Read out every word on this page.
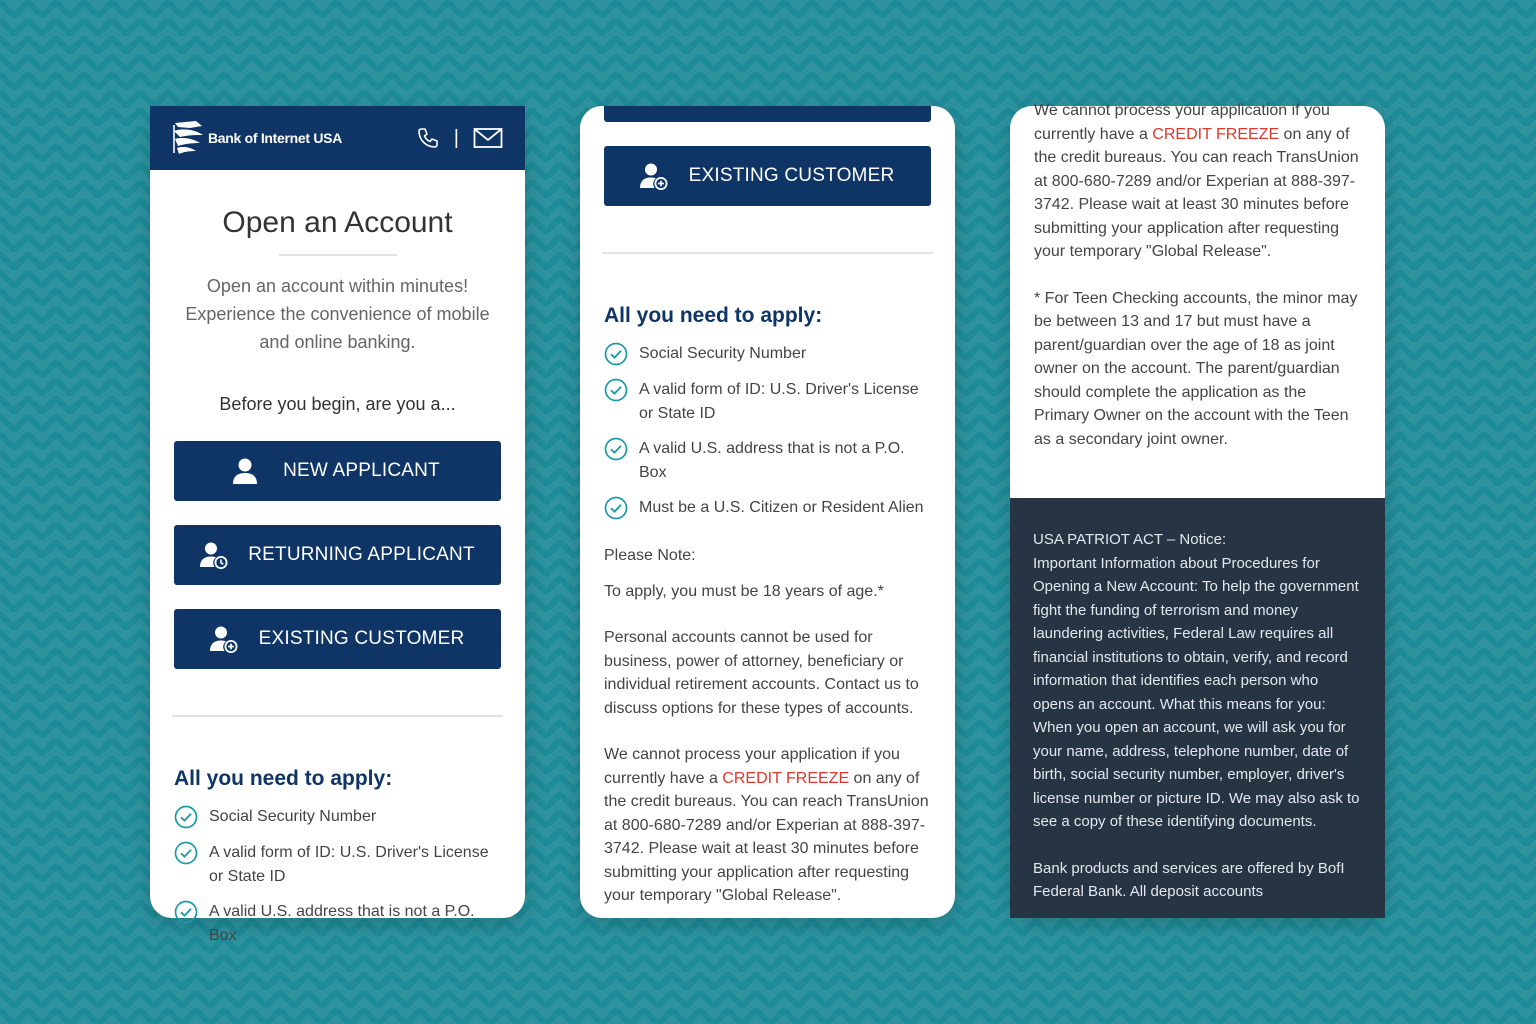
Bank of Internet USA	|
Open an Account

Open an account within minutes! Experience the convenience of mobile and online banking.

Before you begin, are you a...

NEW APPLICANT
RETURNING APPLICANT
EXISTING CUSTOMER
All you need to apply:
Social Security Number
A valid form of ID: U.S. Driver's License or State ID
A valid U.S. address that is not a P.O. Box
EXISTING CUSTOMER
All you need to apply:
Social Security Number
A valid form of ID: U.S. Driver's License or State ID
A valid U.S. address that is not a P.O. Box
Must be a U.S. Citizen or Resident Alien

Please Note:

To apply, you must be 18 years of age.*

Personal accounts cannot be used for business, power of attorney, beneficiary or individual retirement accounts. Contact us to discuss options for these types of accounts.

We cannot process your application if you currently have a CREDIT FREEZE on any of the credit bureaus. You can reach TransUnion at 800-680-7289 and/or Experian at 888-397-3742. Please wait at least 30 minutes before submitting your application after requesting your temporary "Global Release".

We cannot process your application if you currently have a CREDIT FREEZE on any of the credit bureaus. You can reach TransUnion at 800-680-7289 and/or Experian at 888-397-3742. Please wait at least 30 minutes before submitting your application after requesting your temporary "Global Release".

* For Teen Checking accounts, the minor may be between 13 and 17 but must have a parent/guardian over the age of 18 as joint owner on the account. The parent/guardian should complete the application as the Primary Owner on the account with the Teen as a secondary joint owner.

USA PATRIOT ACT – Notice:

Important Information about Procedures for Opening a New Account: To help the government fight the funding of terrorism and money laundering activities, Federal Law requires all financial institutions to obtain, verify, and record information that identifies each person who opens an account. What this means for you: When you open an account, we will ask you for your name, address, telephone number, date of birth, social security number, employer, driver's license number or picture ID. We may also ask to see a copy of these identifying documents.

Bank products and services are offered by BofI Federal Bank. All deposit accounts
